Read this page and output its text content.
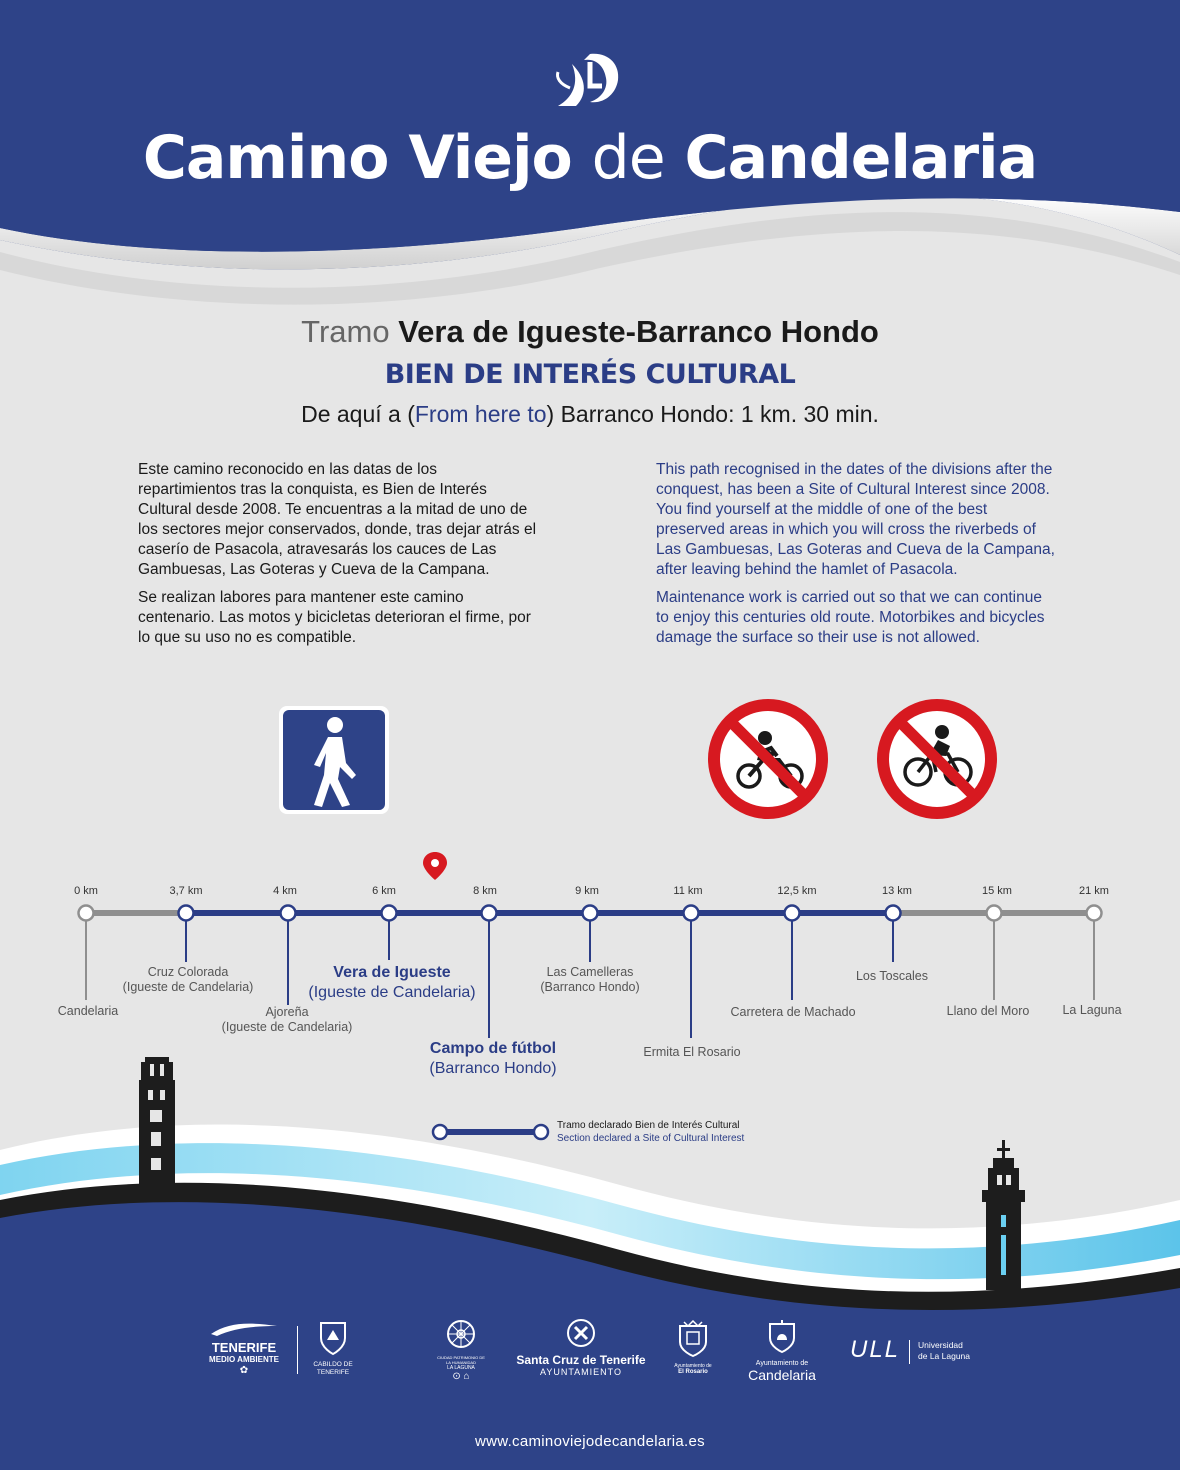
Camino Viejo de Candelaria
Tramo Vera de Igueste-Barranco Hondo
BIEN DE INTERÉS CULTURAL
De aquí a (From here to) Barranco Hondo: 1 km. 30 min.

Este camino reconocido en las datas de los repartimientos tras la conquista, es Bien de Interés Cultural desde 2008. Te encuentras a la mitad de uno de los sectores mejor conservados, donde, tras dejar atrás el caserío de Pasacola, atravesarás los cauces de Las Gambuesas, Las Goteras y Cueva de la Campana.

Se realizan labores para mantener este camino centenario. Las motos y bicicletas deterioran el firme, por lo que su uso no es compatible.

This path recognised in the dates of the divisions after the conquest, has been a Site of Cultural Interest since 2008. You find yourself at the middle of one of the best preserved areas in which you will cross the riverbeds of Las Gambuesas, Las Goteras and Cueva de la Campana, after leaving behind the hamlet of Pasacola.

Maintenance work is carried out so that we can continue to enjoy this centuries old route. Motorbikes and bicycles damage the surface so their use is not allowed.

0 km	3,7 km	4 km	6 km	8 km	9 km	11 km	12,5 km	13 km	15 km	21 km
Candelaria
Cruz Colorada
(Igueste de Candelaria)
Ajoreña
(Igueste de Candelaria)
Vera de Igueste
(Igueste de Candelaria)
Campo de fútbol
(Barranco Hondo)
Las Camelleras
(Barranco Hondo)
Ermita El Rosario
Carretera de Machado
Los Toscales
Llano del Moro	La Laguna
Tramo declarado Bien de Interés Cultural
Section declared a Site of Cultural Interest
TENERIFE
MEDIO AMBIENTE
✿
CABILDO DE TENERIFE
CIUDAD PATRIMONIO DE LA HUMANIDAD
LA LAGUNA
⊙ ⌂
Santa Cruz de Tenerife
AYUNTAMIENTO
Ayuntamiento de
El Rosario
Ayuntamiento de
Candelaria
ULL	Universidad
de La Laguna
www.caminoviejodecandelaria.es
